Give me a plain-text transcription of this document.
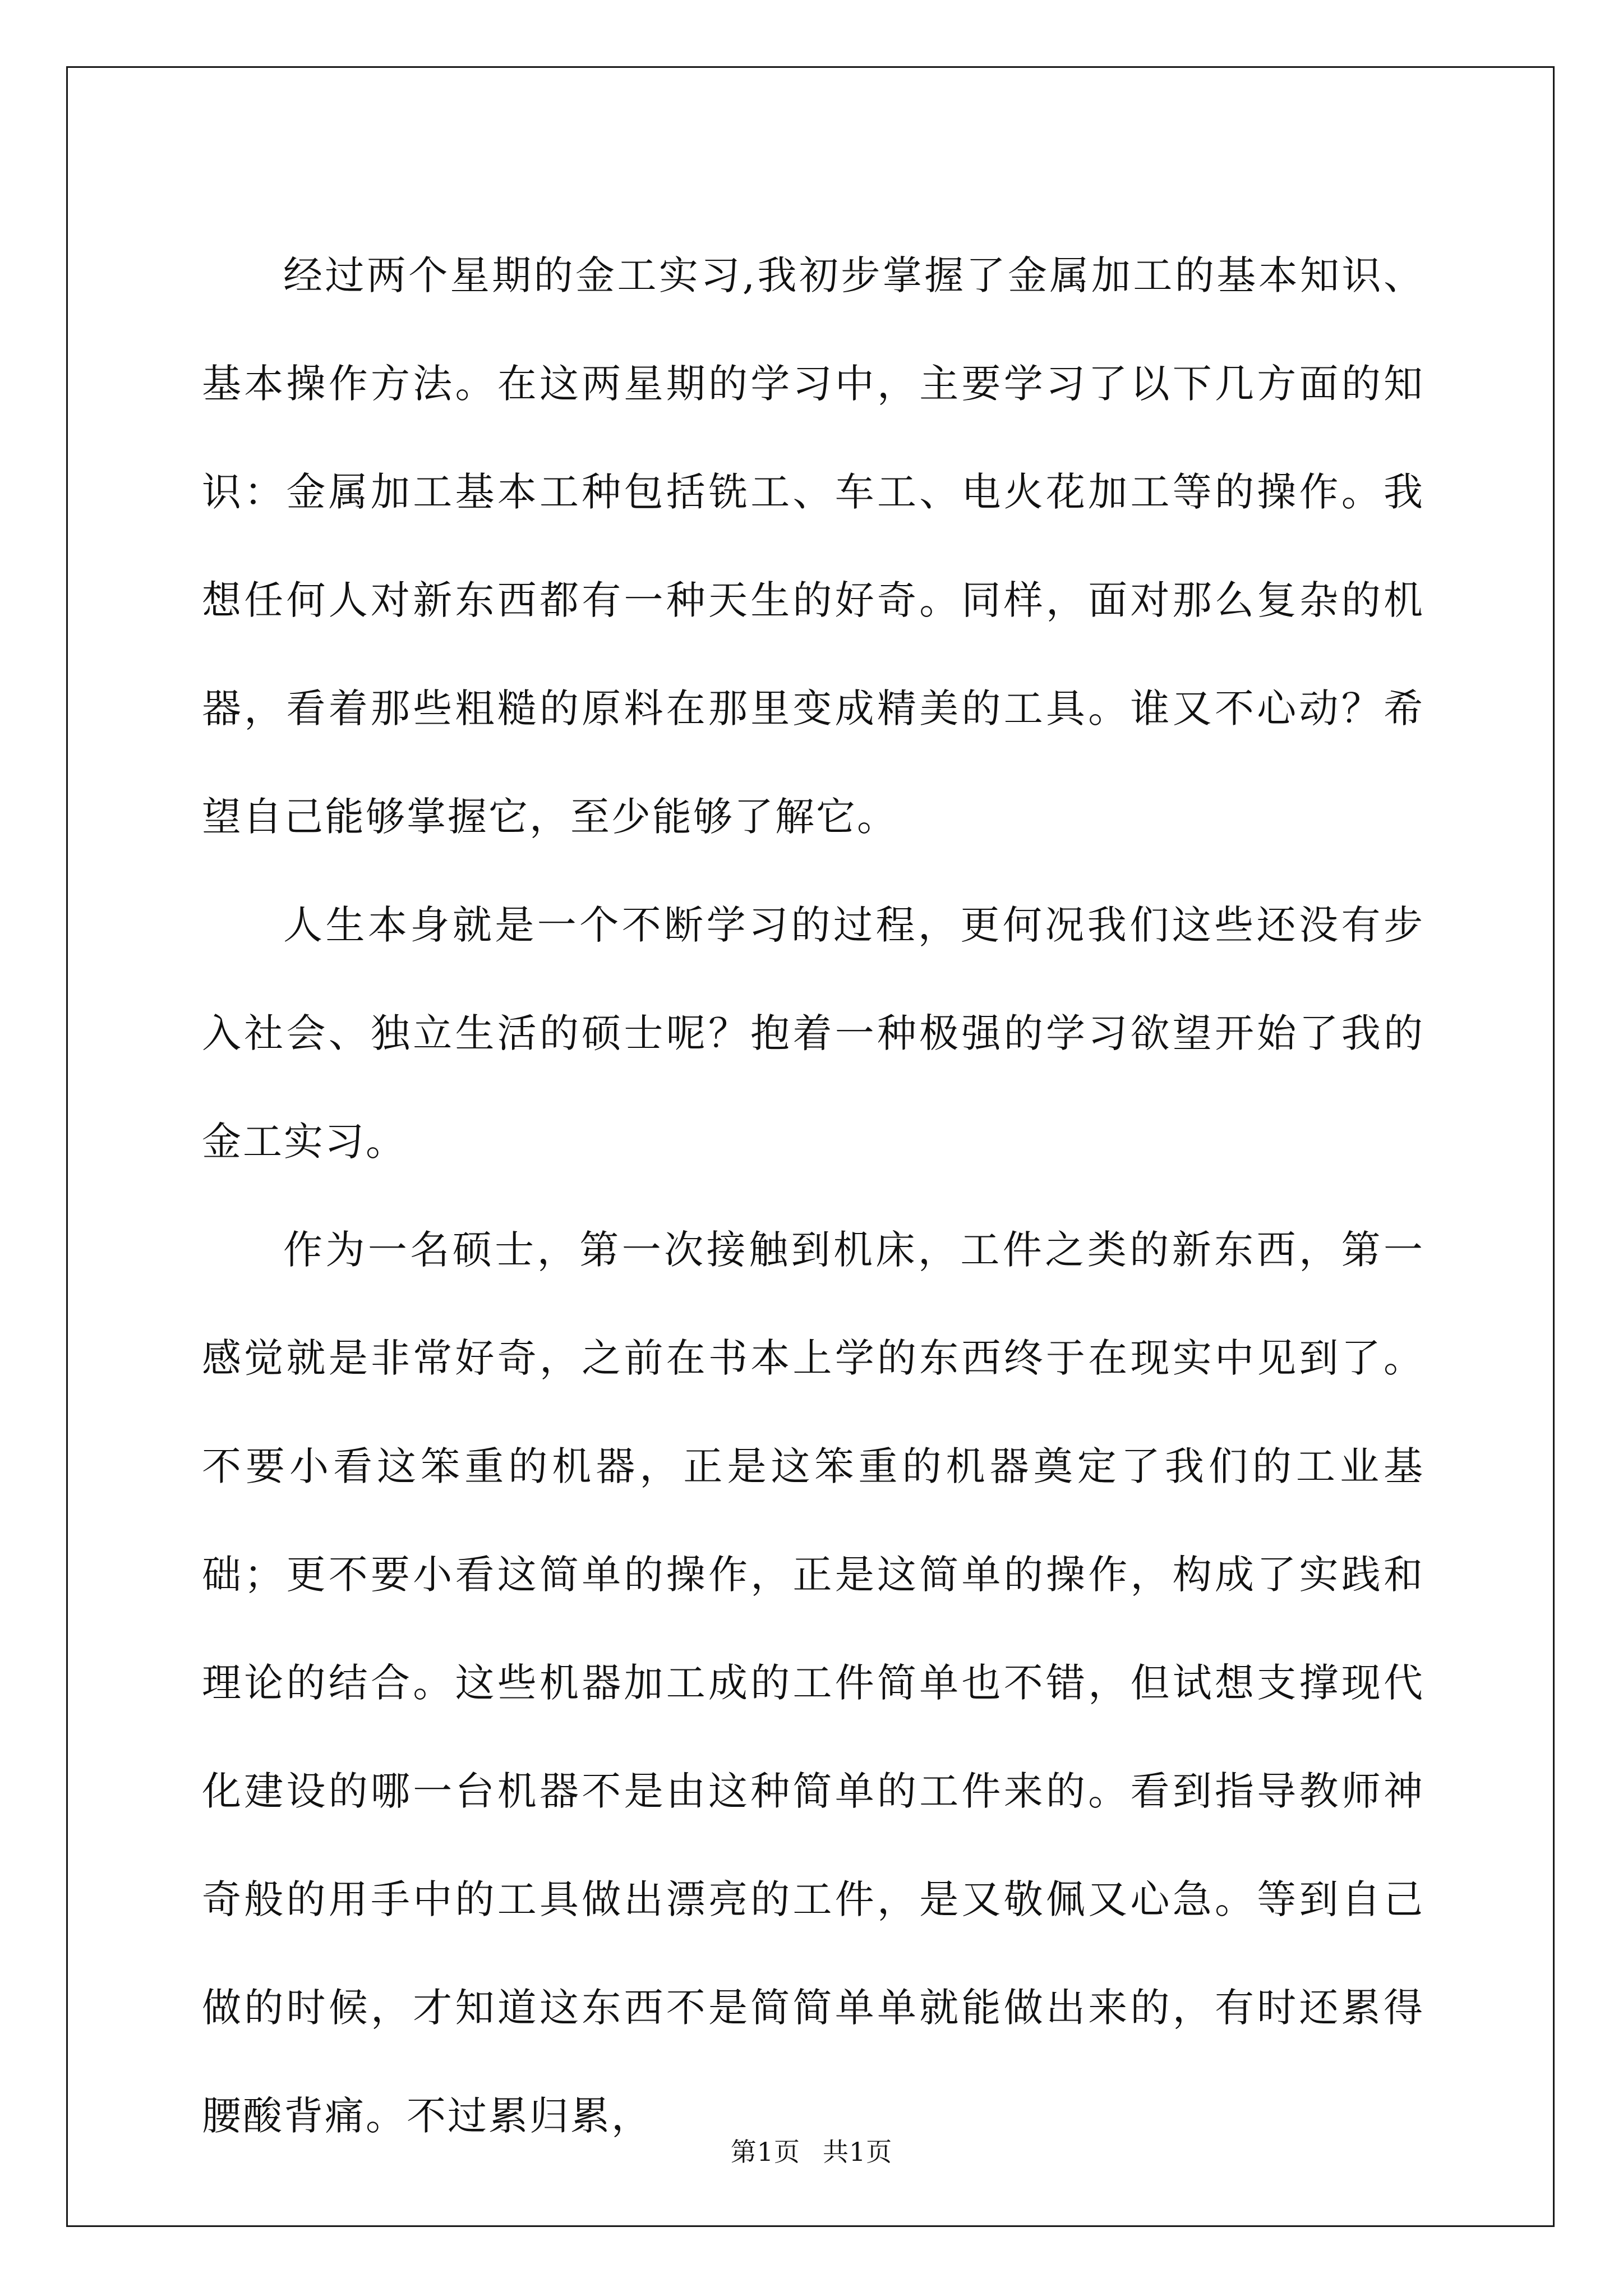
经过两个星期的金工实习,我初步掌握了金属加工的基本知识、基本操作方法。在这两星期的学习中，主要学习了以下几方面的知识：金属加工基本工种包括铣工、车工、电火花加工等的操作。我想任何人对新东西都有一种天生的好奇。同样，面对那么复杂的机器，看着那些粗糙的原料在那里变成精美的工具。谁又不心动？希望自己能够掌握它，至少能够了解它。

人生本身就是一个不断学习的过程，更何况我们这些还没有步入社会、独立生活的硕士呢？抱着一种极强的学习欲望开始了我的金工实习。

作为一名硕士，第一次接触到机床，工件之类的新东西，第一感觉就是非常好奇，之前在书本上学的东西终于在现实中见到了。不要小看这笨重的机器，正是这笨重的机器奠定了我们的工业基础；更不要小看这简单的操作，正是这简单的操作，构成了实践和理论的结合。这些机器加工成的工件简单也不错，但试想支撑现代化建设的哪一台机器不是由这种简单的工件来的。看到指导教师神奇般的用手中的工具做出漂亮的工件，是又敬佩又心急。等到自己做的时候，才知道这东西不是简简单单就能做出来的，有时还累得腰酸背痛。不过累归累，

第1页 共1页
